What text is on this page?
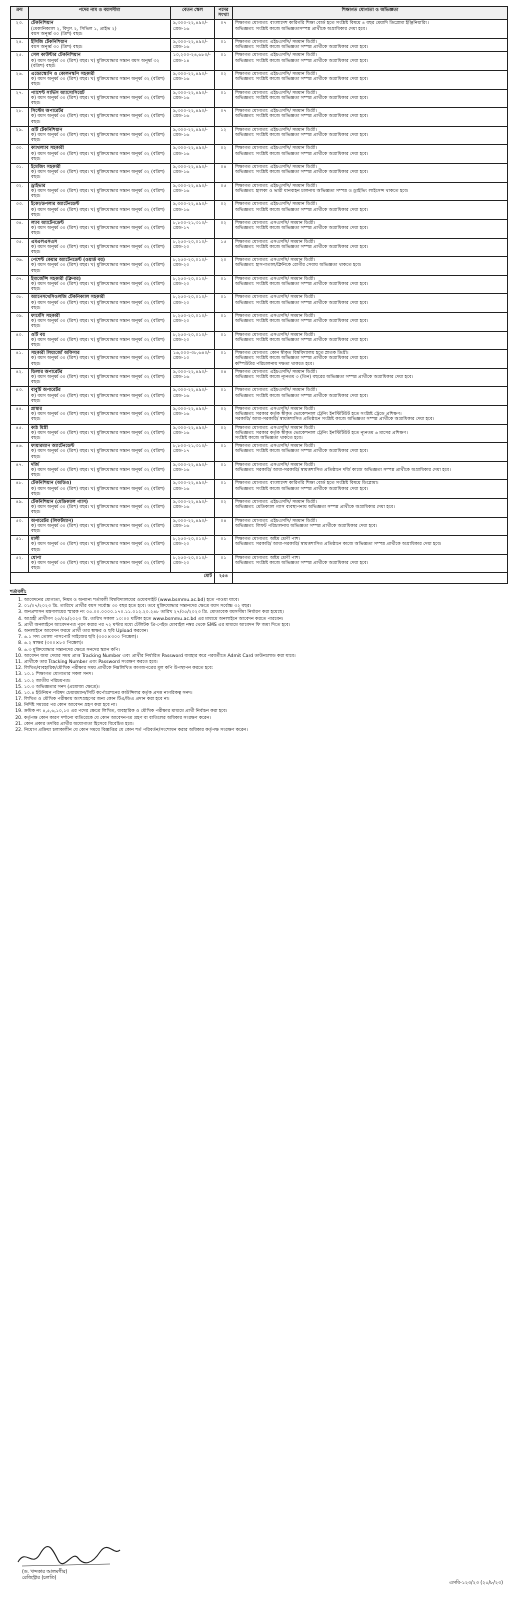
ক্রম	পদের নাম ও বয়সসীমা	বেতন স্কেল	পদের সংখ্যা	শিক্ষাগত যোগ্যতা ও অভিজ্ঞতা
২৩.	টেকনিশিয়ান
(মেকানিক্যাল ২, বিদ্যুৎ ২, সিভিল ১, প্রাইভ ২)
বয়স অনূর্ধ্ব ৩০ (ত্রিশ) বছর।	৯,৩০০-২২,৪৯০/- গ্রেড-১৬	০৭	শিক্ষাগত যোগ্যতা: বাংলাদেশ কারিগরি শিক্ষা বোর্ড হতে সংশ্লিষ্ট বিষয়ে ৪ বছর মেয়াদি ডিপ্লোমা ইঞ্জিনিয়ারিং।
অভিজ্ঞতা: সংশ্লিষ্ট কাজে অভিজ্ঞতাসম্পন্ন প্রার্থীকে অগ্রাধিকার দেয়া হবে।

২৪.	ইসিজি টেকনিশিয়ান
বয়স অনূর্ধ্ব ৩০ (ত্রিশ) বছর।	৯,৩০০-২২,৪৯০/- গ্রেড-১৬	০১	শিক্ষাগত যোগ্যতা: এইচএসসি/ সমমান ডিগ্রী।
অভিজ্ঞতা: সংশ্লিষ্ট কাজে অভিজ্ঞতা সম্পন্ন প্রার্থীকে অগ্রাধিকার দেয়া হবে।

২৫.	সেল কাউন্টার টেকনিশিয়ান
ক) বয়স অনূর্ধ্ব ৩০ (ত্রিশ) বছর। খ) মুক্তিযোদ্ধার সন্তান বয়স অনূর্ধ্ব ৩২ (বত্রিশ) বছর।	১০,২০০-২৪,৬৮০/- গ্রেড-১৪	০১	শিক্ষাগত যোগ্যতা: এইচএসসি/ সমমান ডিগ্রী।
অভিজ্ঞতা: সংশ্লিষ্ট কাজে অভিজ্ঞতা সম্পন্ন প্রার্থীকে অগ্রাধিকার দেয়া হবে।

২৬.	এন্ডোস্কোপি ও কোলনস্কপি সহকারী
ক) বয়স অনূর্ধ্ব ৩০ (ত্রিশ) বছর। খ) মুক্তিযোদ্ধার সন্তান অনূর্ধ্ব ৩২ (বত্রিশ) বছর।	৯,৩০০-২২,৪৯০/- গ্রেড-১৬	০২	শিক্ষাগত যোগ্যতা: এইচএসসি/ সমমান ডিগ্রী।
অভিজ্ঞতা: সংশ্লিষ্ট কাজে অভিজ্ঞতা সম্পন্ন প্রার্থীকে অগ্রাধিকার দেয়া হবে।

২৭.	প্যাশেন্ট সার্ভিস অ্যাসোসিয়েট
ক) বয়স অনূর্ধ্ব ৩০ (ত্রিশ) বছর। খ) মুক্তিযোদ্ধার সন্তান অনূর্ধ্ব ৩২ (বত্রিশ) বছর।	৯,৩০০-২২,৪৯০/- গ্রেড-১৬	০১	শিক্ষাগত যোগ্যতা: এইচএসসি/ সমমান ডিগ্রী।
অভিজ্ঞতা: সংশ্লিষ্ট কাজে অভিজ্ঞতা সম্পন্ন প্রার্থীকে অগ্রাধিকার দেয়া হবে।

২৮.	সিস্টেম অপারেটর
ক) বয়স অনূর্ধ্ব ৩০ (ত্রিশ) বছর। খ) মুক্তিযোদ্ধার সন্তান অনূর্ধ্ব ৩২ (বত্রিশ) বছর।	৯,৩০০-২২,৪৯০/- গ্রেড-১৬	০৭	শিক্ষাগত যোগ্যতা: এইচএসসি/ সমমান ডিগ্রী।
অভিজ্ঞতা: সংশ্লিষ্ট কাজে অভিজ্ঞতা সম্পন্ন প্রার্থীকে অগ্রাধিকার দেয়া হবে।

২৯.	ওটি টেকনিশিয়ান
ক) বয়স অনূর্ধ্ব ৩০ (ত্রিশ) বছর। খ) মুক্তিযোদ্ধার সন্তান অনূর্ধ্ব ৩২ (বত্রিশ) বছর।	৯,৩০০-২২,৪৯০/- গ্রেড-১৬	১২	শিক্ষাগত যোগ্যতা: এইচএসসি/ সমমান ডিগ্রী।
অভিজ্ঞতা: সংশ্লিষ্ট কাজে অভিজ্ঞতা সম্পন্ন প্রার্থীকে অগ্রাধিকার দেয়া হবে।

৩০.	ক্যাথল্যাব সহকারী
ক) বয়স অনূর্ধ্ব ৩০ (ত্রিশ) বছর। খ) মুক্তিযোদ্ধার সন্তান অনূর্ধ্ব ৩২ (বত্রিশ) বছর।	৯,৩০০-২২,৪৯০/- গ্রেড-১৬	০২	শিক্ষাগত যোগ্যতা: এইচএসসি/ সমমান ডিগ্রী।
অভিজ্ঞতা: সংশ্লিষ্ট কাজে অভিজ্ঞতা সম্পন্ন প্রার্থীকে অগ্রাধিকার দেয়া হবে।

৩১.	ইমেজিং সহকারী
ক) বয়স অনূর্ধ্ব ৩০ (ত্রিশ) বছর। খ) মুক্তিযোদ্ধার সন্তান অনূর্ধ্ব ৩২ (বত্রিশ) বছর।	৯,৩০০-২২,৪৯০/- গ্রেড-১৬	০৪	শিক্ষাগত যোগ্যতা: এইচএসসি/ সমমান ডিগ্রী।
অভিজ্ঞতা: সংশ্লিষ্ট কাজে অভিজ্ঞতা সম্পন্ন প্রার্থীকে অগ্রাধিকার দেয়া হবে।

৩২.	ড্রাইভার
ক) বয়স অনূর্ধ্ব ৩০ (ত্রিশ) বছর। খ) মুক্তিযোদ্ধার সন্তান অনূর্ধ্ব ৩২ (বত্রিশ) বছর।	৯,৩০০-২২,৪৯০/- গ্রেড-১৬	০৫	শিক্ষাগত যোগ্যতা: এইচএসসি/ সমমান ডিগ্রী।
অভিজ্ঞতা: হালকা ও ভারী যানবাহন চালনায় অভিজ্ঞতা সম্পন্ন ও ড্রাইভিং লাইসেন্স থাকতে হবে।

৩৩.	ইকো/ডপলার অ্যাটেনডেন্ট
ক) বয়স অনূর্ধ্ব ৩০ (ত্রিশ) বছর। খ) মুক্তিযোদ্ধার সন্তান অনূর্ধ্ব ৩২ (বত্রিশ) বছর।	৯,৩০০-২২,৪৯০/- গ্রেড-১৬	০২	শিক্ষাগত যোগ্যতা: এইচএসসি/ সমমান ডিগ্রী।
অভিজ্ঞতা: সংশ্লিষ্ট কাজে অভিজ্ঞতা সম্পন্ন প্রার্থীকে অগ্রাধিকার দেয়া হবে।

৩৪.	ল্যাব অ্যাটেনডেন্ট
ক) বয়স অনূর্ধ্ব ৩০ (ত্রিশ) বছর। খ) মুক্তিযোদ্ধার সন্তান অনূর্ধ্ব ৩২ (বত্রিশ) বছর।	৮,৮০০-২১,৩১০/- গ্রেড-১৭	০২	শিক্ষাগত যোগ্যতা: এসএসসি/ সমমান ডিগ্রী।
অভিজ্ঞতা: সংশ্লিষ্ট কাজে অভিজ্ঞতা সম্পন্ন প্রার্থীকে অগ্রাধিকার দেয়া হবে।

৩৫.	এমএলএসএস
ক) বয়স অনূর্ধ্ব ৩০ (ত্রিশ) বছর। খ) মুক্তিযোদ্ধার সন্তান অনূর্ধ্ব ৩২ (বত্রিশ) বছর।	৮,২৫০-২০,০১০/- গ্রেড-২০	১৫	শিক্ষাগত যোগ্যতা: এসএসসি/ সমমান ডিগ্রী।
অভিজ্ঞতা: সংশ্লিষ্ট কাজে অভিজ্ঞতা সম্পন্ন প্রার্থীকে অগ্রাধিকার দেয়া হবে।

৩৬.	পেশেন্ট কেয়ার অ্যাটেনডেন্ট (ওয়ার্ড বয়)
ক) বয়স অনূর্ধ্ব ৩০ (ত্রিশ) বছর। খ) মুক্তিযোদ্ধার সন্তান অনূর্ধ্ব ৩২ (বত্রিশ) বছর।	৮,২৫০-২০,০১০/- গ্রেড-২০	২০	শিক্ষাগত যোগ্যতা: এসএসসি/ সমমান ডিগ্রী।
অভিজ্ঞতা: হাসপাতাল/ক্লিনিকে রোগীর সেবায় অভিজ্ঞতা থাকতে হবে।

৩৭.	ইমার্জেন্সি সহকারী (ক্লিনার)
ক) বয়স অনূর্ধ্ব ৩০ (ত্রিশ) বছর। খ) মুক্তিযোদ্ধার সন্তান অনূর্ধ্ব ৩২ (বত্রিশ) বছর।	৮,২৫০-২০,০১০/- গ্রেড-২০	০১	শিক্ষাগত যোগ্যতা: এসএসসি/ সমমান ডিগ্রী।
অভিজ্ঞতা: সংশ্লিষ্ট কাজে অভিজ্ঞতা সম্পন্ন প্রার্থীকে অগ্রাধিকার দেয়া হবে।

৩৮.	অ্যানেসথেসিওলজি টেকনিক্যাল সহকারী
ক) বয়স অনূর্ধ্ব ৩০ (ত্রিশ) বছর। খ) মুক্তিযোদ্ধার সন্তান অনূর্ধ্ব ৩২ (বত্রিশ) বছর।	৮,২৫০-২০,০১০/- গ্রেড-২০	০১	শিক্ষাগত যোগ্যতা: এসএসসি/ সমমান ডিগ্রী।
অভিজ্ঞতা: সংশ্লিষ্ট কাজে অভিজ্ঞতা সম্পন্ন প্রার্থীকে অগ্রাধিকার দেয়া হবে।

৩৯.	ফার্মেসি সহকারী
ক) বয়স অনূর্ধ্ব ৩০ (ত্রিশ) বছর। খ) মুক্তিযোদ্ধার সন্তান অনূর্ধ্ব ৩২ (বত্রিশ) বছর।	৮,২৫০-২০,০১০/- গ্রেড-২০	০১	শিক্ষাগত যোগ্যতা: এসএসসি/ সমমান ডিগ্রী।
অভিজ্ঞতা: সংশ্লিষ্ট কাজে অভিজ্ঞতা সম্পন্ন প্রার্থীকে অগ্রাধিকার দেয়া হবে।

৪০.	ওটি বয়
ক) বয়স অনূর্ধ্ব ৩০ (ত্রিশ) বছর। খ) মুক্তিযোদ্ধার সন্তান অনূর্ধ্ব ৩২ (বত্রিশ) বছর।	৮,২৫০-২০,০১০/- গ্রেড-২০	০১	শিক্ষাগত যোগ্যতা: এসএসসি/ সমমান ডিগ্রী।
অভিজ্ঞতা: সংশ্লিষ্ট কাজে অভিজ্ঞতা সম্পন্ন প্রার্থীকে অগ্রাধিকার দেয়া হবে।

৪১.	সহকারী লিয়াজোঁ অফিসার
ক) বয়স অনূর্ধ্ব ৩০ (ত্রিশ) বছর। খ) মুক্তিযোদ্ধার সন্তান অনূর্ধ্ব ৩২ (বত্রিশ) বছর।	১৬,০০০-৩৮,৬৪০/- গ্রেড-১০	০১	শিক্ষাগত যোগ্যতা: কোন স্বীকৃত বিশ্ববিদ্যালয় হতে স্নাতক ডিগ্রী।
অভিজ্ঞতা: সংশ্লিষ্ট কাজে অভিজ্ঞতা সম্পন্ন প্রার্থীকে অগ্রাধিকার দেয়া হবে।
কম্পিউটার পরিচালনায় দক্ষতা থাকতে হবে।

৪২.	ডিলার অপারেটর
ক) বয়স অনূর্ধ্ব ৩০ (ত্রিশ) বছর। খ) মুক্তিযোদ্ধার সন্তান অনূর্ধ্ব ৩২ (বত্রিশ) বছর।	৯,৩০০-২২,৪৯০/- গ্রেড-১৬	০৪	শিক্ষাগত যোগ্যতা: এইচএসসি/ সমমান ডিগ্রী।
অভিজ্ঞতা: সংশ্লিষ্ট কাজে ন্যূনতম ৩ (তিন) বছরের অভিজ্ঞতা সম্পন্ন প্রার্থীকে অগ্রাধিকার দেয়া হবে।

৪৩.	বাবুর্চি অপারেটর
ক) বয়স অনূর্ধ্ব ৩০ (ত্রিশ) বছর। খ) মুক্তিযোদ্ধার সন্তান অনূর্ধ্ব ৩২ (বত্রিশ) বছর।	৯,৩০০-২২,৪৯০/- গ্রেড-১৬	০১	শিক্ষাগত যোগ্যতা: এইচএসসি/ সমমান ডিগ্রী।
অভিজ্ঞতা: সংশ্লিষ্ট কাজে অভিজ্ঞতা সম্পন্ন প্রার্থীকে অগ্রাধিকার দেয়া হবে।

৪৪.	প্লাম্বার
ক) বয়স অনূর্ধ্ব ৩০ (ত্রিশ) বছর। খ) মুক্তিযোদ্ধার সন্তান অনূর্ধ্ব ৩২ (বত্রিশ) বছর।	৯,৩০০-২২,৪৯০/- গ্রেড-১৬	০২	শিক্ষাগত যোগ্যতা: এসএসসি/ সমমান ডিগ্রী।
অভিজ্ঞতা: সরকার কর্তৃক স্বীকৃত ভোকেশনাল ট্রেনিং ইনস্টিটিউট হতে সংশ্লিষ্ট ট্রেডে প্রশিক্ষণ।
সরকারি/ আধা-সরকারি/ স্বায়ত্তশাসিত প্রতিষ্ঠানে সংশ্লিষ্ট কাজে অভিজ্ঞতা সম্পন্ন প্রার্থীকে অগ্রাধিকার দেয়া হবে।

৪৫.	কাঠ মিস্ত্রী
ক) বয়স অনূর্ধ্ব ৩০ (ত্রিশ) বছর। খ) মুক্তিযোদ্ধার সন্তান অনূর্ধ্ব ৩২ (বত্রিশ) বছর।	৯,৩০০-২২,৪৯০/- গ্রেড-১৬	০২	শিক্ষাগত যোগ্যতা: এসএসসি/ সমমান ডিগ্রী।
অভিজ্ঞতা: সরকার কর্তৃক স্বীকৃত ভোকেশনাল ট্রেনিং ইনস্টিটিউট হতে ন্যূনতম ৬ মাসের প্রশিক্ষণ।
সংশ্লিষ্ট কাজে অভিজ্ঞতা থাকতে হবে।

৪৬.	ফায়ারম্যান অ্যাটেনডেন্ট
ক) বয়স অনূর্ধ্ব ৩০ (ত্রিশ) বছর। খ) মুক্তিযোদ্ধার সন্তান অনূর্ধ্ব ৩২ (বত্রিশ) বছর।	৮,৮০০-২১,৩১০/- গ্রেড-১৭	০১	শিক্ষাগত যোগ্যতা: এসএসসি/ সমমান ডিগ্রী।
অভিজ্ঞতা: সংশ্লিষ্ট কাজে অভিজ্ঞতা সম্পন্ন প্রার্থীকে অগ্রাধিকার দেয়া হবে।

৪৭.	দর্জি
ক) বয়স অনূর্ধ্ব ৩০ (ত্রিশ) বছর। খ) মুক্তিযোদ্ধার সন্তান অনূর্ধ্ব ৩২ (বত্রিশ) বছর।	৯,৩০০-২২,৪৯০/- গ্রেড-১৬	০১	শিক্ষাগত যোগ্যতা: এসএসসি/ সমমান ডিগ্রী।
অভিজ্ঞতা: সরকারি/ আধা-সরকারি/ স্বায়ত্তশাসিত প্রতিষ্ঠানে দর্জি কাজে অভিজ্ঞতা সম্পন্ন প্রার্থীকে অগ্রাধিকার দেয়া হবে।

৪৮.	টেকনিশিয়ান (অডিও)
ক) বয়স অনূর্ধ্ব ৩০ (ত্রিশ) বছর। খ) মুক্তিযোদ্ধার সন্তান অনূর্ধ্ব ৩২ (বত্রিশ) বছর।	৯,৩০০-২২,৪৯০/- গ্রেড-১৬	০১	শিক্ষাগত যোগ্যতা: বাংলাদেশ কারিগরি শিক্ষা বোর্ড হতে সংশ্লিষ্ট বিষয়ে ডিপ্লোমা।
অভিজ্ঞতা: সংশ্লিষ্ট কাজে অভিজ্ঞতা সম্পন্ন প্রার্থীকে অগ্রাধিকার দেয়া হবে।

৪৯.	টেকনিশিয়ান (মেডিক্যাল গ্যাস)
ক) বয়স অনূর্ধ্ব ৩০ (ত্রিশ) বছর। খ) মুক্তিযোদ্ধার সন্তান অনূর্ধ্ব ৩২ (বত্রিশ) বছর।	৯,৩০০-২২,৪৯০/- গ্রেড-১৬	০২	শিক্ষাগত যোগ্যতা: এইচএসসি/ সমমান ডিগ্রী।
অভিজ্ঞতা: মেডিক্যাল গ্যাস ব্যবস্থাপনায় অভিজ্ঞতা সম্পন্ন প্রার্থীকে অগ্রাধিকার দেয়া হবে।

৫০.	অপারেটর (লিফটম্যান)
ক) বয়স অনূর্ধ্ব ৩০ (ত্রিশ) বছর। খ) মুক্তিযোদ্ধার সন্তান অনূর্ধ্ব ৩২ (বত্রিশ) বছর।	৯,৩০০-২২,৪৯০/- গ্রেড-১৬	০৪	শিক্ষাগত যোগ্যতা: এইচএসসি/ সমমান ডিগ্রী।
অভিজ্ঞতা: লিফট পরিচালনায় অভিজ্ঞতা সম্পন্ন প্রার্থীকে অগ্রাধিকার দেয়া হবে।

৫১.	মালী
ক) বয়স অনূর্ধ্ব ৩০ (ত্রিশ) বছর। খ) মুক্তিযোদ্ধার সন্তান অনূর্ধ্ব ৩২ (বত্রিশ) বছর।	৮,২৫০-২০,০১০/- গ্রেড-২০	০১	শিক্ষাগত যোগ্যতা: অষ্টম শ্রেণী পাশ।
অভিজ্ঞতা: সরকারি/ আধা-সরকারি/ স্বায়ত্তশাসিত প্রতিষ্ঠানে কাজে অভিজ্ঞতা সম্পন্ন প্রার্থীকে অগ্রাধিকার দেয়া হবে।

৫২.	ধোপা
ক) বয়স অনূর্ধ্ব ৩০ (ত্রিশ) বছর। খ) মুক্তিযোদ্ধার সন্তান অনূর্ধ্ব ৩২ (বত্রিশ) বছর।	৮,২৫০-২০,০১০/- গ্রেড-২০	০১	শিক্ষাগত যোগ্যতা: অষ্টম শ্রেণী পাশ।
অভিজ্ঞতা: সংশ্লিষ্ট কাজে অভিজ্ঞতা সম্পন্ন প্রার্থীকে অগ্রাধিকার দেয়া হবে।

মোট			২৫৪	
শর্তাবলী:
1. আবেদনের যোগ্যতা, নিয়ম ও অন্যান্য শর্তাবলী বিশ্ববিদ্যালয়ের ওয়েবসাইট (www.bsmmu.ac.bd) হতে পাওয়া যাবে।
2. ০১/০৭/২০২৩ খ্রি. তারিখে প্রার্থীর বয়স সর্বোচ্চ ৩০ বছর হতে হবে। তবে মুক্তিযোদ্ধার সন্তানদের ক্ষেত্রে বয়স সর্বোচ্চ ৩২ বছর।
3. জনপ্রশাসন মন্ত্রণালয়ের স্মারক নং ০৫.০০.০০০০.১৭০.১১.০১২.২০.২৪৮ তারিখ ২৭/০৫/২০২৩ খ্রি. মোতাবেক বয়সসীমা নির্ধারণ করা হয়েছে।
4. আগ্রহী প্রার্থীগণ ২৫/০৯/২০২৩ খ্রি. তারিখ সকাল ১০:০০ ঘটিকা হতে www.bsmmu.ac.bd এর মাধ্যমে অনলাইনে আবেদন করতে পারবেন।
5. প্রার্থী অনলাইনে আবেদনপত্র পূরণ করার পর ৭২ ঘন্টার মধ্যে টেলিটক প্রি-পেইড মোবাইল নম্বর থেকে SMS এর মাধ্যমে আবেদন ফি জমা দিতে হবে।
6. অনলাইনে আবেদন ফরমে প্রার্থী তার স্বাক্ষর ও ছবি Upload করবেন।
7. ৬.১ সদ্য তোলা পাসপোর্ট সাইজের ছবি (৩০০×৩০০ পিক্সেল)।
8. ৬.২ স্বাক্ষর (৩০০×৮০ পিক্সেল)।
9. ৬.৩ মুক্তিযোদ্ধার সন্তানদের ক্ষেত্রে সনদের স্ক্যান কপি।
10. আবেদন জমা দেয়ার সময় প্রাপ্ত Tracking Number এবং প্রার্থীর নির্ধারিত Password ব্যবহার করে পরবর্তীতে Admit Card ডাউনলোড করা যাবে।
11. প্রার্থীকে তার Tracking Number এবং Password সংরক্ষণ করতে হবে।
12. লিখিত/ব্যবহারিক/মৌখিক পরীক্ষার সময় প্রার্থীকে নিম্নলিখিত কাগজপত্রের মূল কপি উপস্থাপন করতে হবে:
13. ১০.১ শিক্ষাগত যোগ্যতার সকল সনদ।
14. ১০.২ জাতীয় পরিচয়পত্র।
15. ১০.৩ অভিজ্ঞতার সনদ (প্রযোজ্য ক্ষেত্রে)।
16. ১০.৪ ইউনিয়ন পরিষদ চেয়ারম্যান/সিটি কর্পোরেশনের কাউন্সিলর কর্তৃক প্রদত্ত নাগরিকত্ব সনদ।
17. লিখিত ও মৌখিক পরীক্ষায় অংশগ্রহণের জন্য কোন টিএ/ডিএ প্রদান করা হবে না।
18. নির্দিষ্ট সময়ের পর কোন আবেদন গ্রহণ করা হবে না।
19. ক্রমিক নং ৪,৫,৬,১০,১৩ এর পদের ক্ষেত্রে লিখিত, ব্যবহারিক ও মৌখিক পরীক্ষার মাধ্যমে প্রার্থী নির্বাচন করা হবে।
20. কর্তৃপক্ষ কোন কারণ দর্শানো ব্যতিরেকে যে কোন আবেদনপত্র গ্রহণ বা বাতিলের অধিকার সংরক্ষণ করেন।
21. কোন প্রকার তদবির প্রার্থীর অযোগ্যতা হিসেবে বিবেচিত হবে।
22. নিয়োগ প্রক্রিয়া চলাকালীন যে কোন সময়ে বিজ্ঞপ্তির যে কোন শর্ত পরিবর্তন/সংশোধন করার অধিকার কর্তৃপক্ষ সংরক্ষণ করেন।
(ড. খন্দকার আলমগীর)
রেজিস্ট্রার (চলতি)
এসবি-১২৩/২৩ (২০/৮/২৩)
